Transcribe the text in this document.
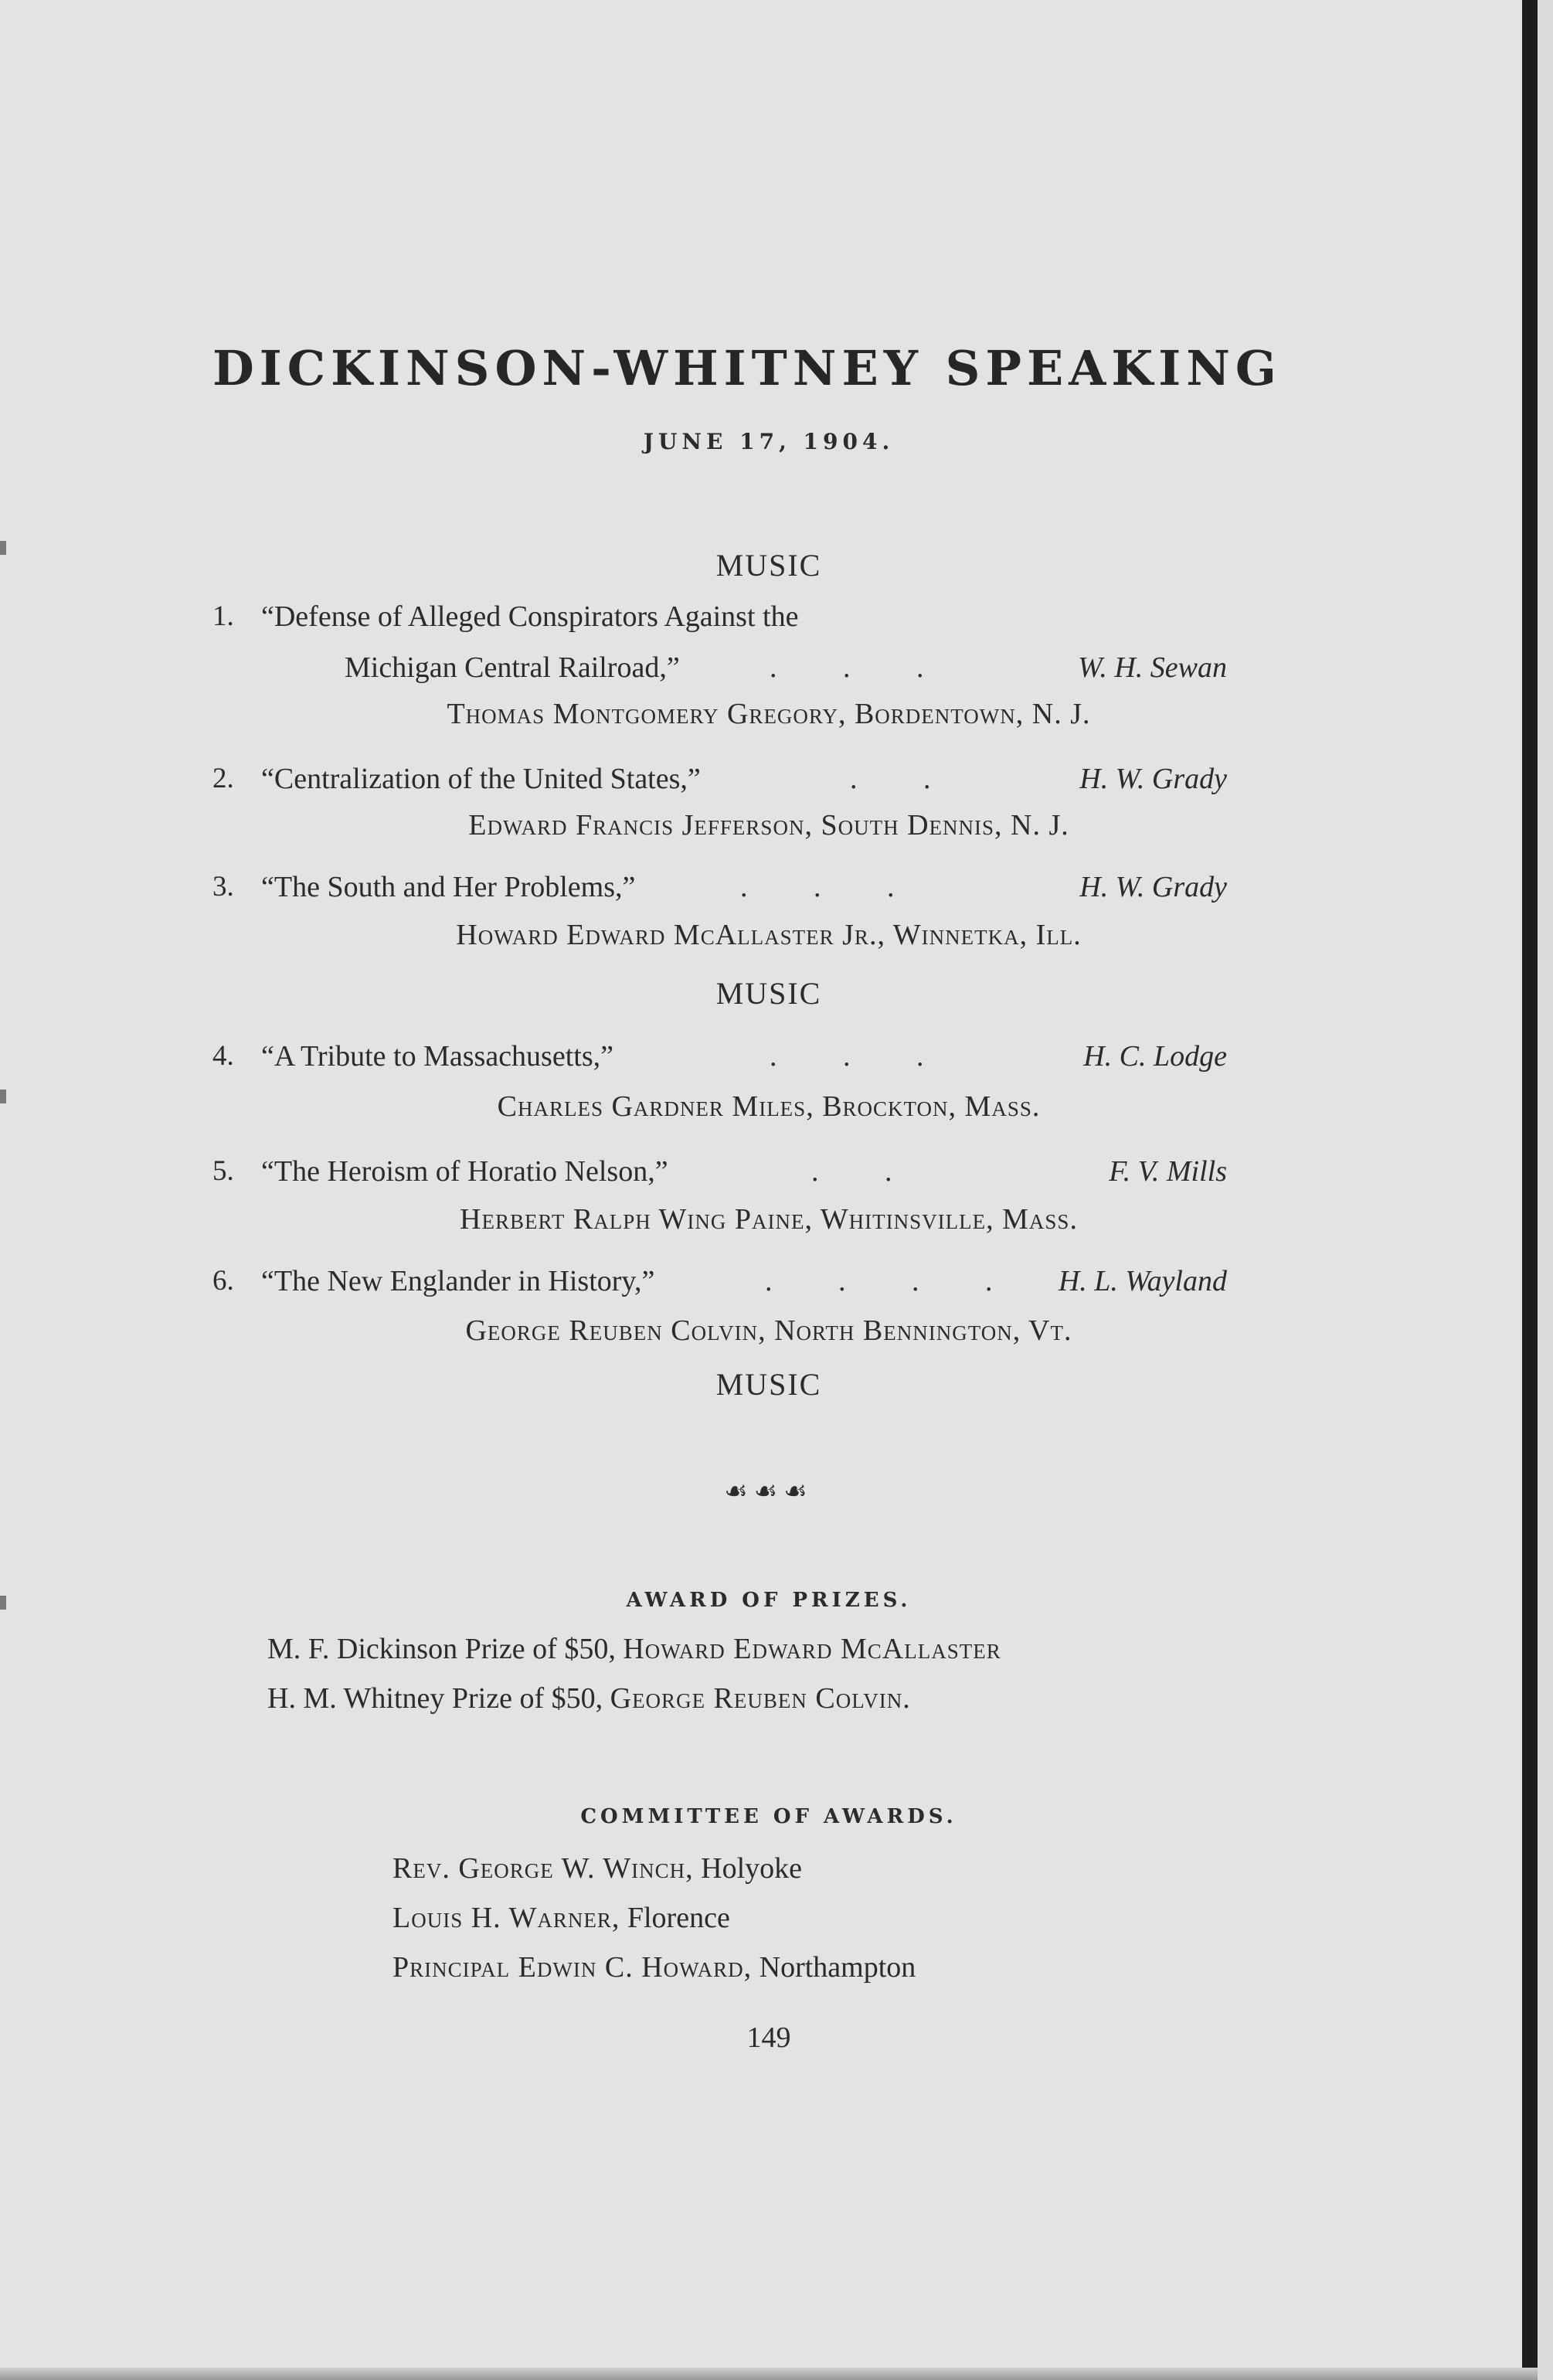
DICKINSON-WHITNEY SPEAKING
JUNE 17, 1904.
MUSIC
1. “Defense of Alleged Conspirators Against the
Michigan Central Railroad,”	. . .	W. H. Sewan
Thomas Montgomery Gregory, Bordentown, N. J.
2. “Centralization of the United States,”	. .	H. W. Grady
Edward Francis Jefferson, South Dennis, N. J.
3. “The South and Her Problems,”	. . .	H. W. Grady
Howard Edward McAllaster Jr., Winnetka, Ill.
MUSIC
4. “A Tribute to Massachusetts,”	. . .	H. C. Lodge
Charles Gardner Miles, Brockton, Mass.
5. “The Heroism of Horatio Nelson,”	. .	F. V. Mills
Herbert Ralph Wing Paine, Whitinsville, Mass.
6. “The New Englander in History,”	. . . . H. L. Wayland
George Reuben Colvin, North Bennington, Vt.
MUSIC
☙☙☙
AWARD OF PRIZES.
M. F. Dickinson Prize of $50, Howard Edward McAllaster
H. M. Whitney Prize of $50, George Reuben Colvin.
COMMITTEE OF AWARDS.
Rev. George W. Winch, Holyoke
Louis H. Warner, Florence
Principal Edwin C. Howard, Northampton
149
